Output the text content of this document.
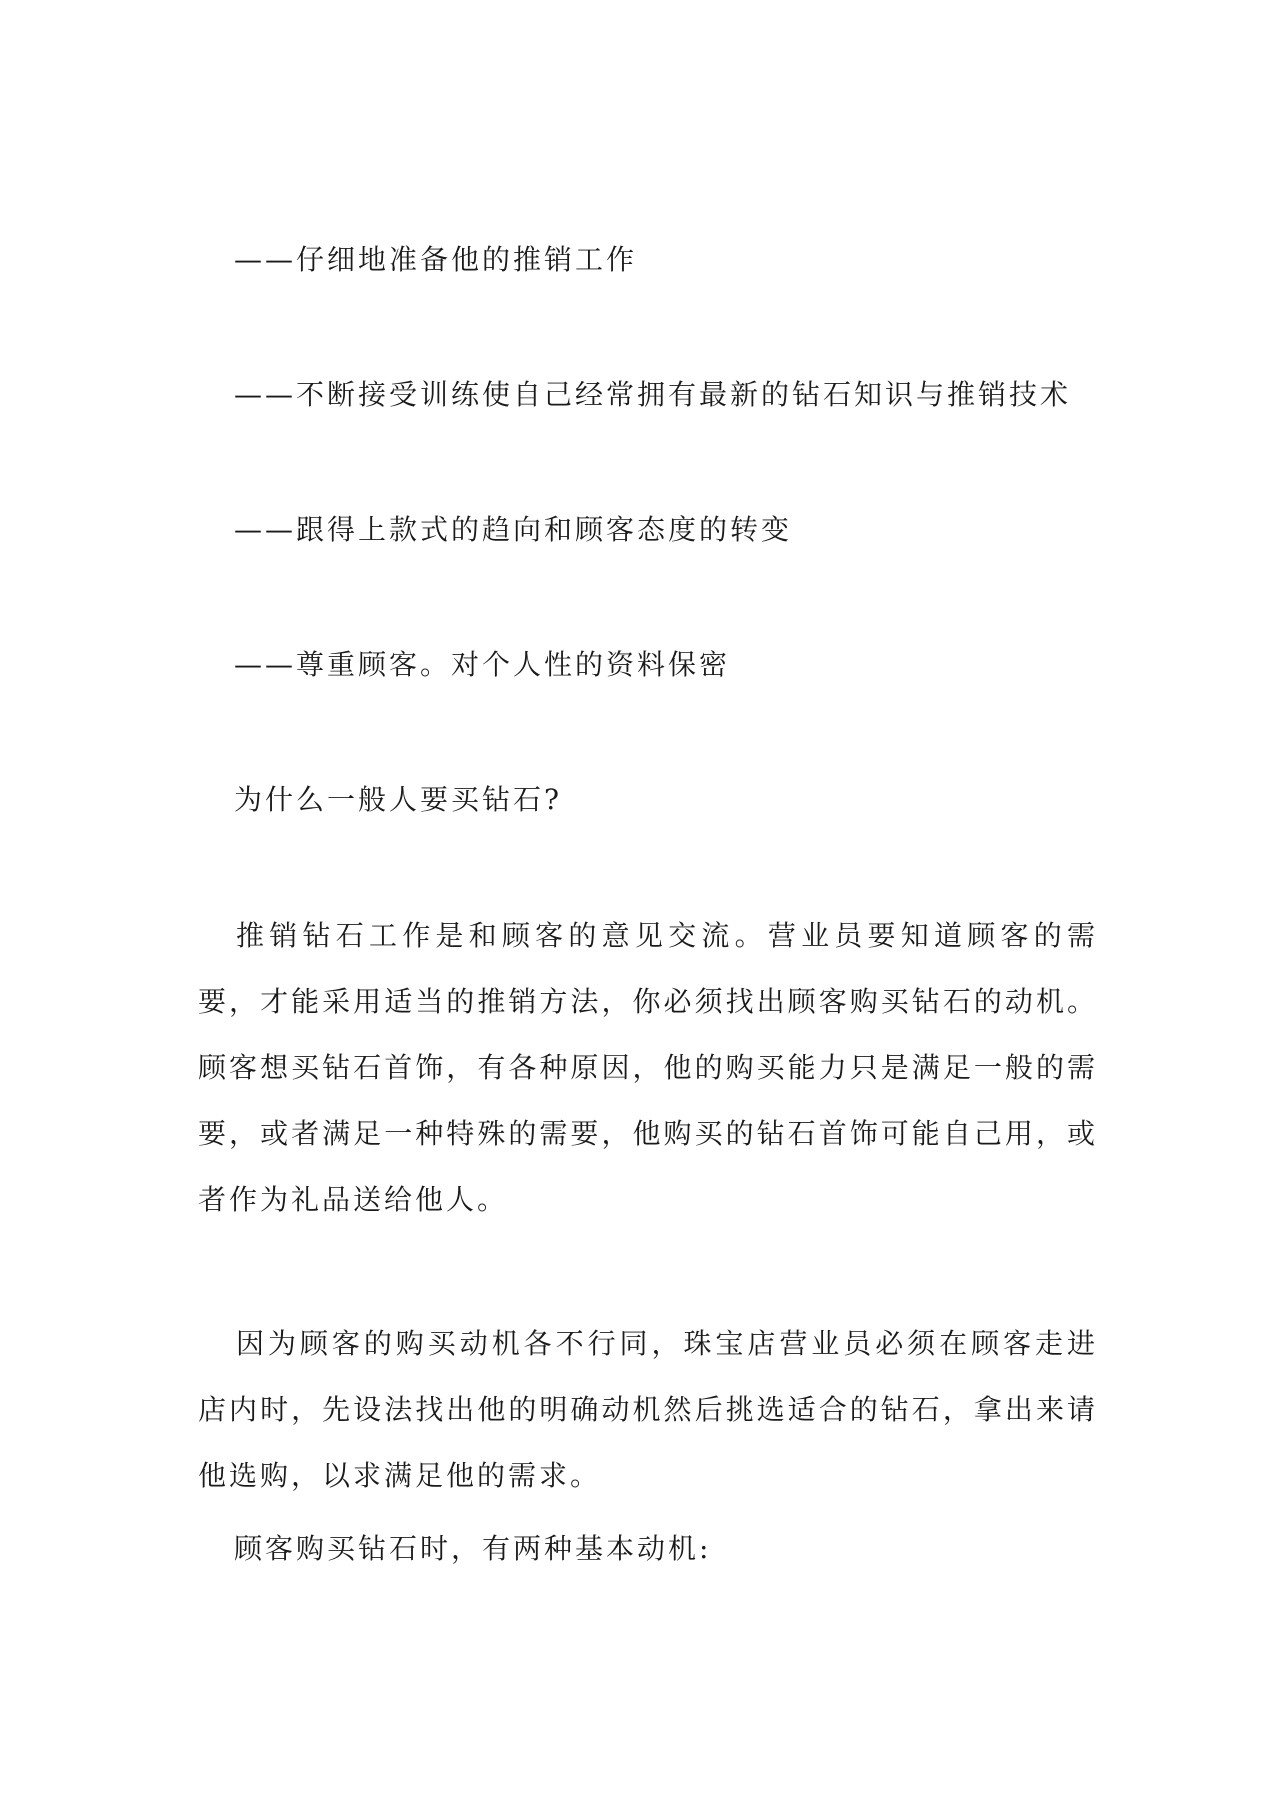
——仔细地准备他的推销工作
——不断接受训练使自己经常拥有最新的钻石知识与推销技术
——跟得上款式的趋向和顾客态度的转变
——尊重顾客。对个人性的资料保密
为什么一般人要买钻石?
推销钻石工作是和顾客的意见交流。营业员要知道顾客的需要，才能采用适当的推销方法，你必须找出顾客购买钻石的动机。顾客想买钻石首饰，有各种原因，他的购买能力只是满足一般的需要，或者满足一种特殊的需要，他购买的钻石首饰可能自己用，或者作为礼品送给他人。
因为顾客的购买动机各不行同，珠宝店营业员必须在顾客走进店内时，先设法找出他的明确动机然后挑选适合的钻石，拿出来请他选购，以求满足他的需求。
顾客购买钻石时，有两种基本动机:
